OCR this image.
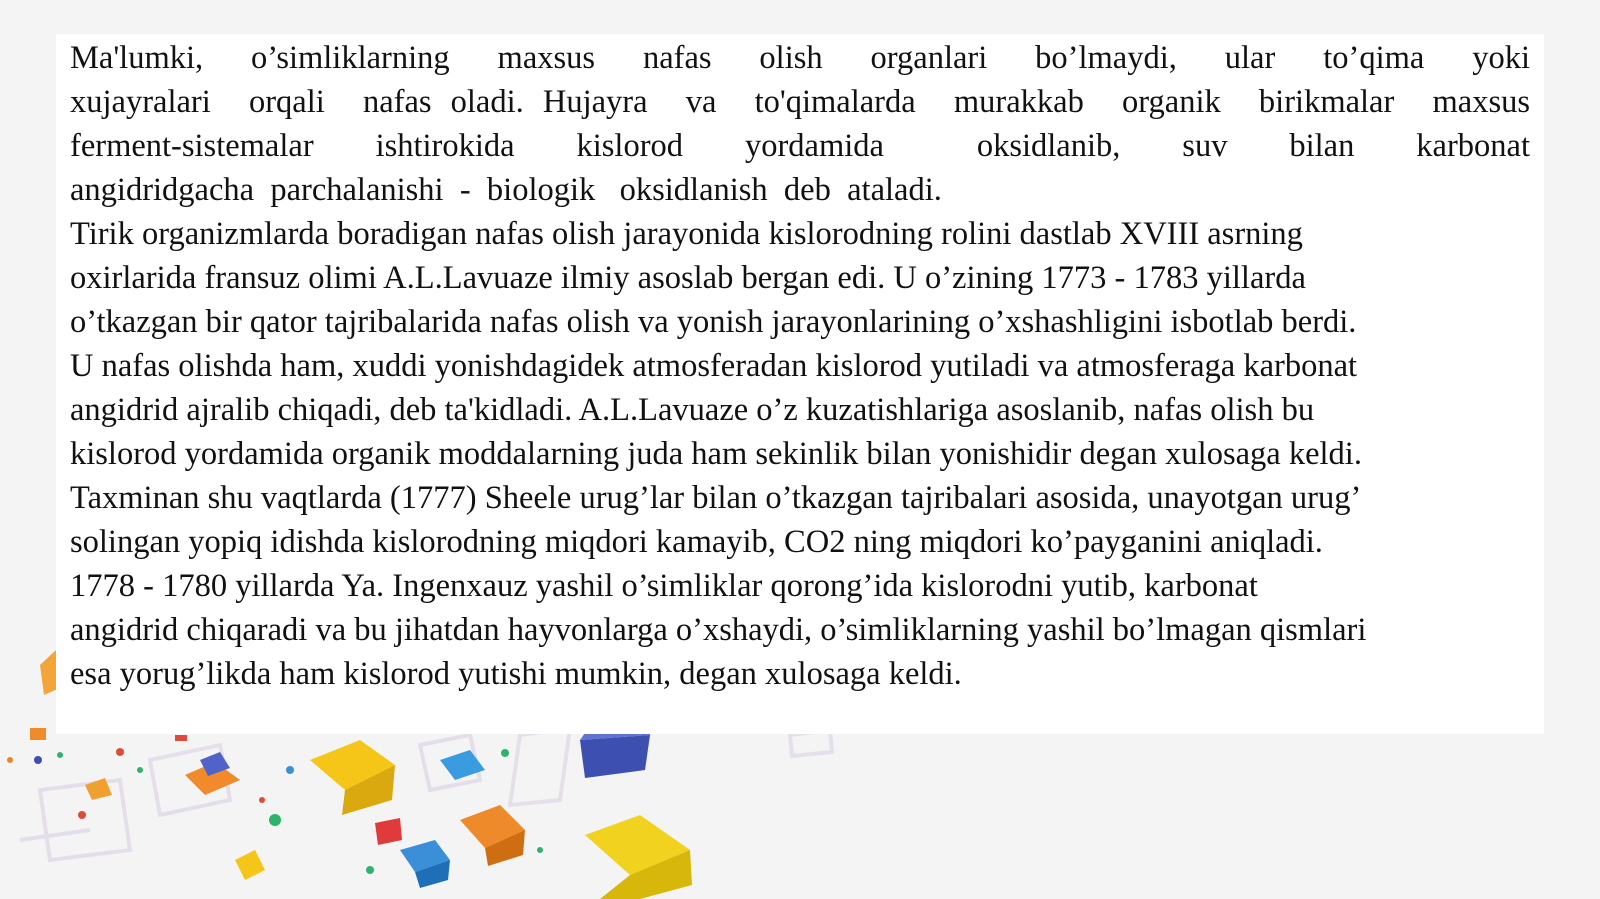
Ma'lumki,  o’simliklarning  maxsus  nafas  olish  organlari  bo’lmaydi,  ular  to’qima  yoki
xujayralari  orqali  nafas oladi. Hujayra  va  to'qimalarda  murakkab  organik  birikmalar  maxsus
ferment-sistemalar  ishtirokida  kislorod  yordamida   oksidlanib,  suv  bilan  karbonat
angidridgacha  parchalanishi  -  biologik   oksidlanish  deb  ataladi.
Tirik organizmlarda boradigan nafas olish jarayonida kislorodning rolini dastlab XVIII asrning
oxirlarida fransuz olimi A.L.Lavuaze ilmiy asoslab bergan edi. U o’zining 1773 - 1783 yillarda
o’tkazgan bir qator tajribalarida nafas olish va yonish jarayonlarining o’xshashligini isbotlab berdi.
U nafas olishda ham, xuddi yonishdagidek atmosferadan kislorod yutiladi va atmosferaga karbonat
angidrid ajralib chiqadi, deb ta'kidladi. A.L.Lavuaze o’z kuzatishlariga asoslanib, nafas olish bu
kislorod yordamida organik moddalarning juda ham sekinlik bilan yonishidir degan xulosaga keldi.
Taxminan shu vaqtlarda (1777) Sheele urug’lar bilan o’tkazgan tajribalari asosida, unayotgan urug’
solingan yopiq idishda kislorodning miqdori kamayib, CO2 ning miqdori ko’payganini aniqladi.
1778 - 1780 yillarda Ya. Ingenxauz yashil o’simliklar qorong’ida kislorodni yutib, karbonat
angidrid chiqaradi va bu jihatdan hayvonlarga o’xshaydi, o’simliklarning yashil bo’lmagan qismlari
esa yorug’likda ham kislorod yutishi mumkin, degan xulosaga keldi.
